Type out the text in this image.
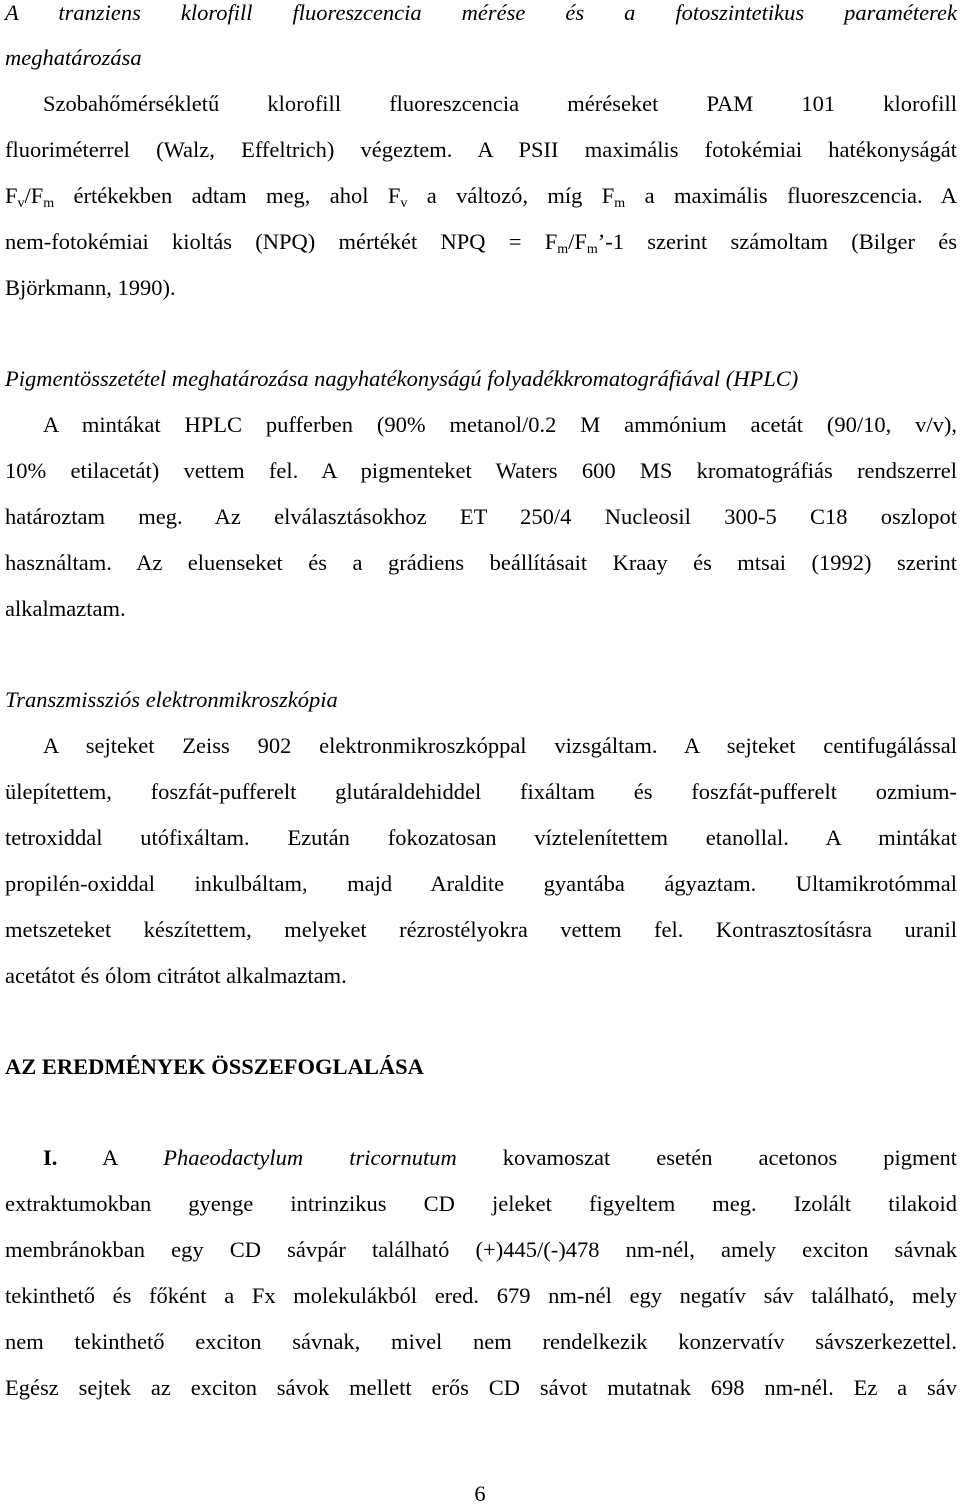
A tranziens klorofill fluoreszcencia mérése és a fotoszintetikus paraméterek
meghatározása
Szobahőmérsékletű klorofill fluoreszcencia méréseket PAM 101 klorofill
fluoriméterrel (Walz, Effeltrich) végeztem. A PSII maximális fotokémiai hatékonyságát
$F_v/F_m$ értékekben adtam meg, ahol $F_v$ a változó, míg $F_m$ a maximális fluoreszcencia. A
nem-fotokémiai kioltás (NPQ) mértékét NPQ = $F_m/F_m’-1$ szerint számoltam (Bilger és
Björkmann, 1990).
Pigmentösszetétel meghatározása nagyhatékonyságú folyadékkromatográfiával (HPLC)
A mintákat HPLC pufferben (90% metanol/0.2 M ammónium acetát (90/10, v/v),
10% etilacetát) vettem fel. A pigmenteket Waters 600 MS kromatográfiás rendszerrel
határoztam meg. Az elválasztásokhoz ET 250/4 Nucleosil 300-5 C18 oszlopot
használtam. Az eluenseket és a grádiens beállításait Kraay és mtsai (1992) szerint
alkalmaztam.
Transzmissziós elektronmikroszkópia
A sejteket Zeiss 902 elektronmikroszkóppal vizsgáltam. A sejteket centifugálással
ülepítettem, foszfát-pufferelt glutáraldehiddel fixáltam és foszfát-pufferelt ozmium-
tetroxiddal utófixáltam. Ezután fokozatosan víztelenítettem etanollal. A mintákat
propilén-oxiddal inkulbáltam, majd Araldite gyantába ágyaztam. Ultamikrotómmal
metszeteket készítettem, melyeket rézrostélyokra vettem fel. Kontrasztosításra uranil
acetátot és ólom citrátot alkalmaztam.
AZ EREDMÉNYEK ÖSSZEFOGLALÁSA
I. A Phaeodactylum tricornutum kovamoszat esetén acetonos pigment
extraktumokban gyenge intrinzikus CD jeleket figyeltem meg. Izolált tilakoid
membránokban egy CD sávpár található (+)445/(-)478 nm-nél, amely exciton sávnak
tekinthető és főként a Fx molekulákból ered. 679 nm-nél egy negatív sáv található, mely
nem tekinthető exciton sávnak, mivel nem rendelkezik konzervatív sávszerkezettel.
Egész sejtek az exciton sávok mellett erős CD sávot mutatnak 698 nm-nél. Ez a sáv
6
